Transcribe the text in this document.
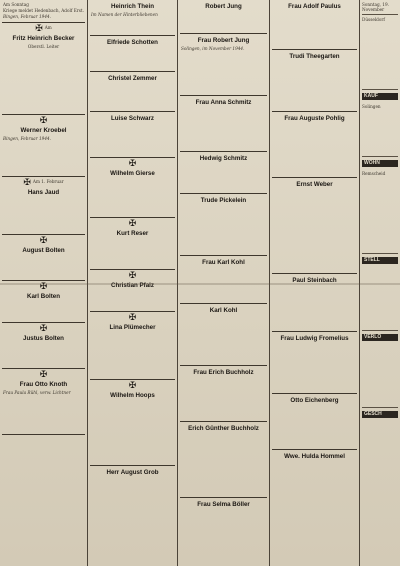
Am Sonntag
Kriege meldet Hedenbach, Adolf Erst.
Bingen, Februar 1944.
✠ Am
Fritz Heinrich Becker
Oberstl. Leiter
✠
Werner Kroebel
Bingen, Februar 1944.
✠ Am 1. Februar
Hans Jaud
✠
August Bolten
✠
Karl Bolten
✠
Justus Bolten
✠
Frau Otto Knoth
Frau Paula Rühl, verw. Lichtner
Heinrich Thein
Im Namen der Hinterbliebenen
Elfriede Schotten
Christel Zemmer
Luise Schwarz
✠
Wilhelm Gierse
✠
Kurt Reser
✠
Christian Pfalz
✠
Lina Plümecher
✠
Wilhelm Hoops
Herr August Grob
Robert Jung
Frau Robert Jung
Solingen, im November 1944.
Frau Anna Schmitz
Hedwig Schmitz
Trude Pickelein
Frau Karl Kohl
Karl Kohl
Frau Erich Buchholz
Erich Günther Buchholz
Frau Selma Böller
Frau Adolf Paulus
Trudi Theegarten
Frau Auguste Pohlig
Ernst Weber
Paul Steinbach
Frau Ludwig Fromelius
Otto Eichenberg
Wwe. Hulda Hommel
Sonntag, 19. November
Düsseldorf
KAUF
Solingen
WOHN
Remscheid
STELL
VERLO
GESCH
